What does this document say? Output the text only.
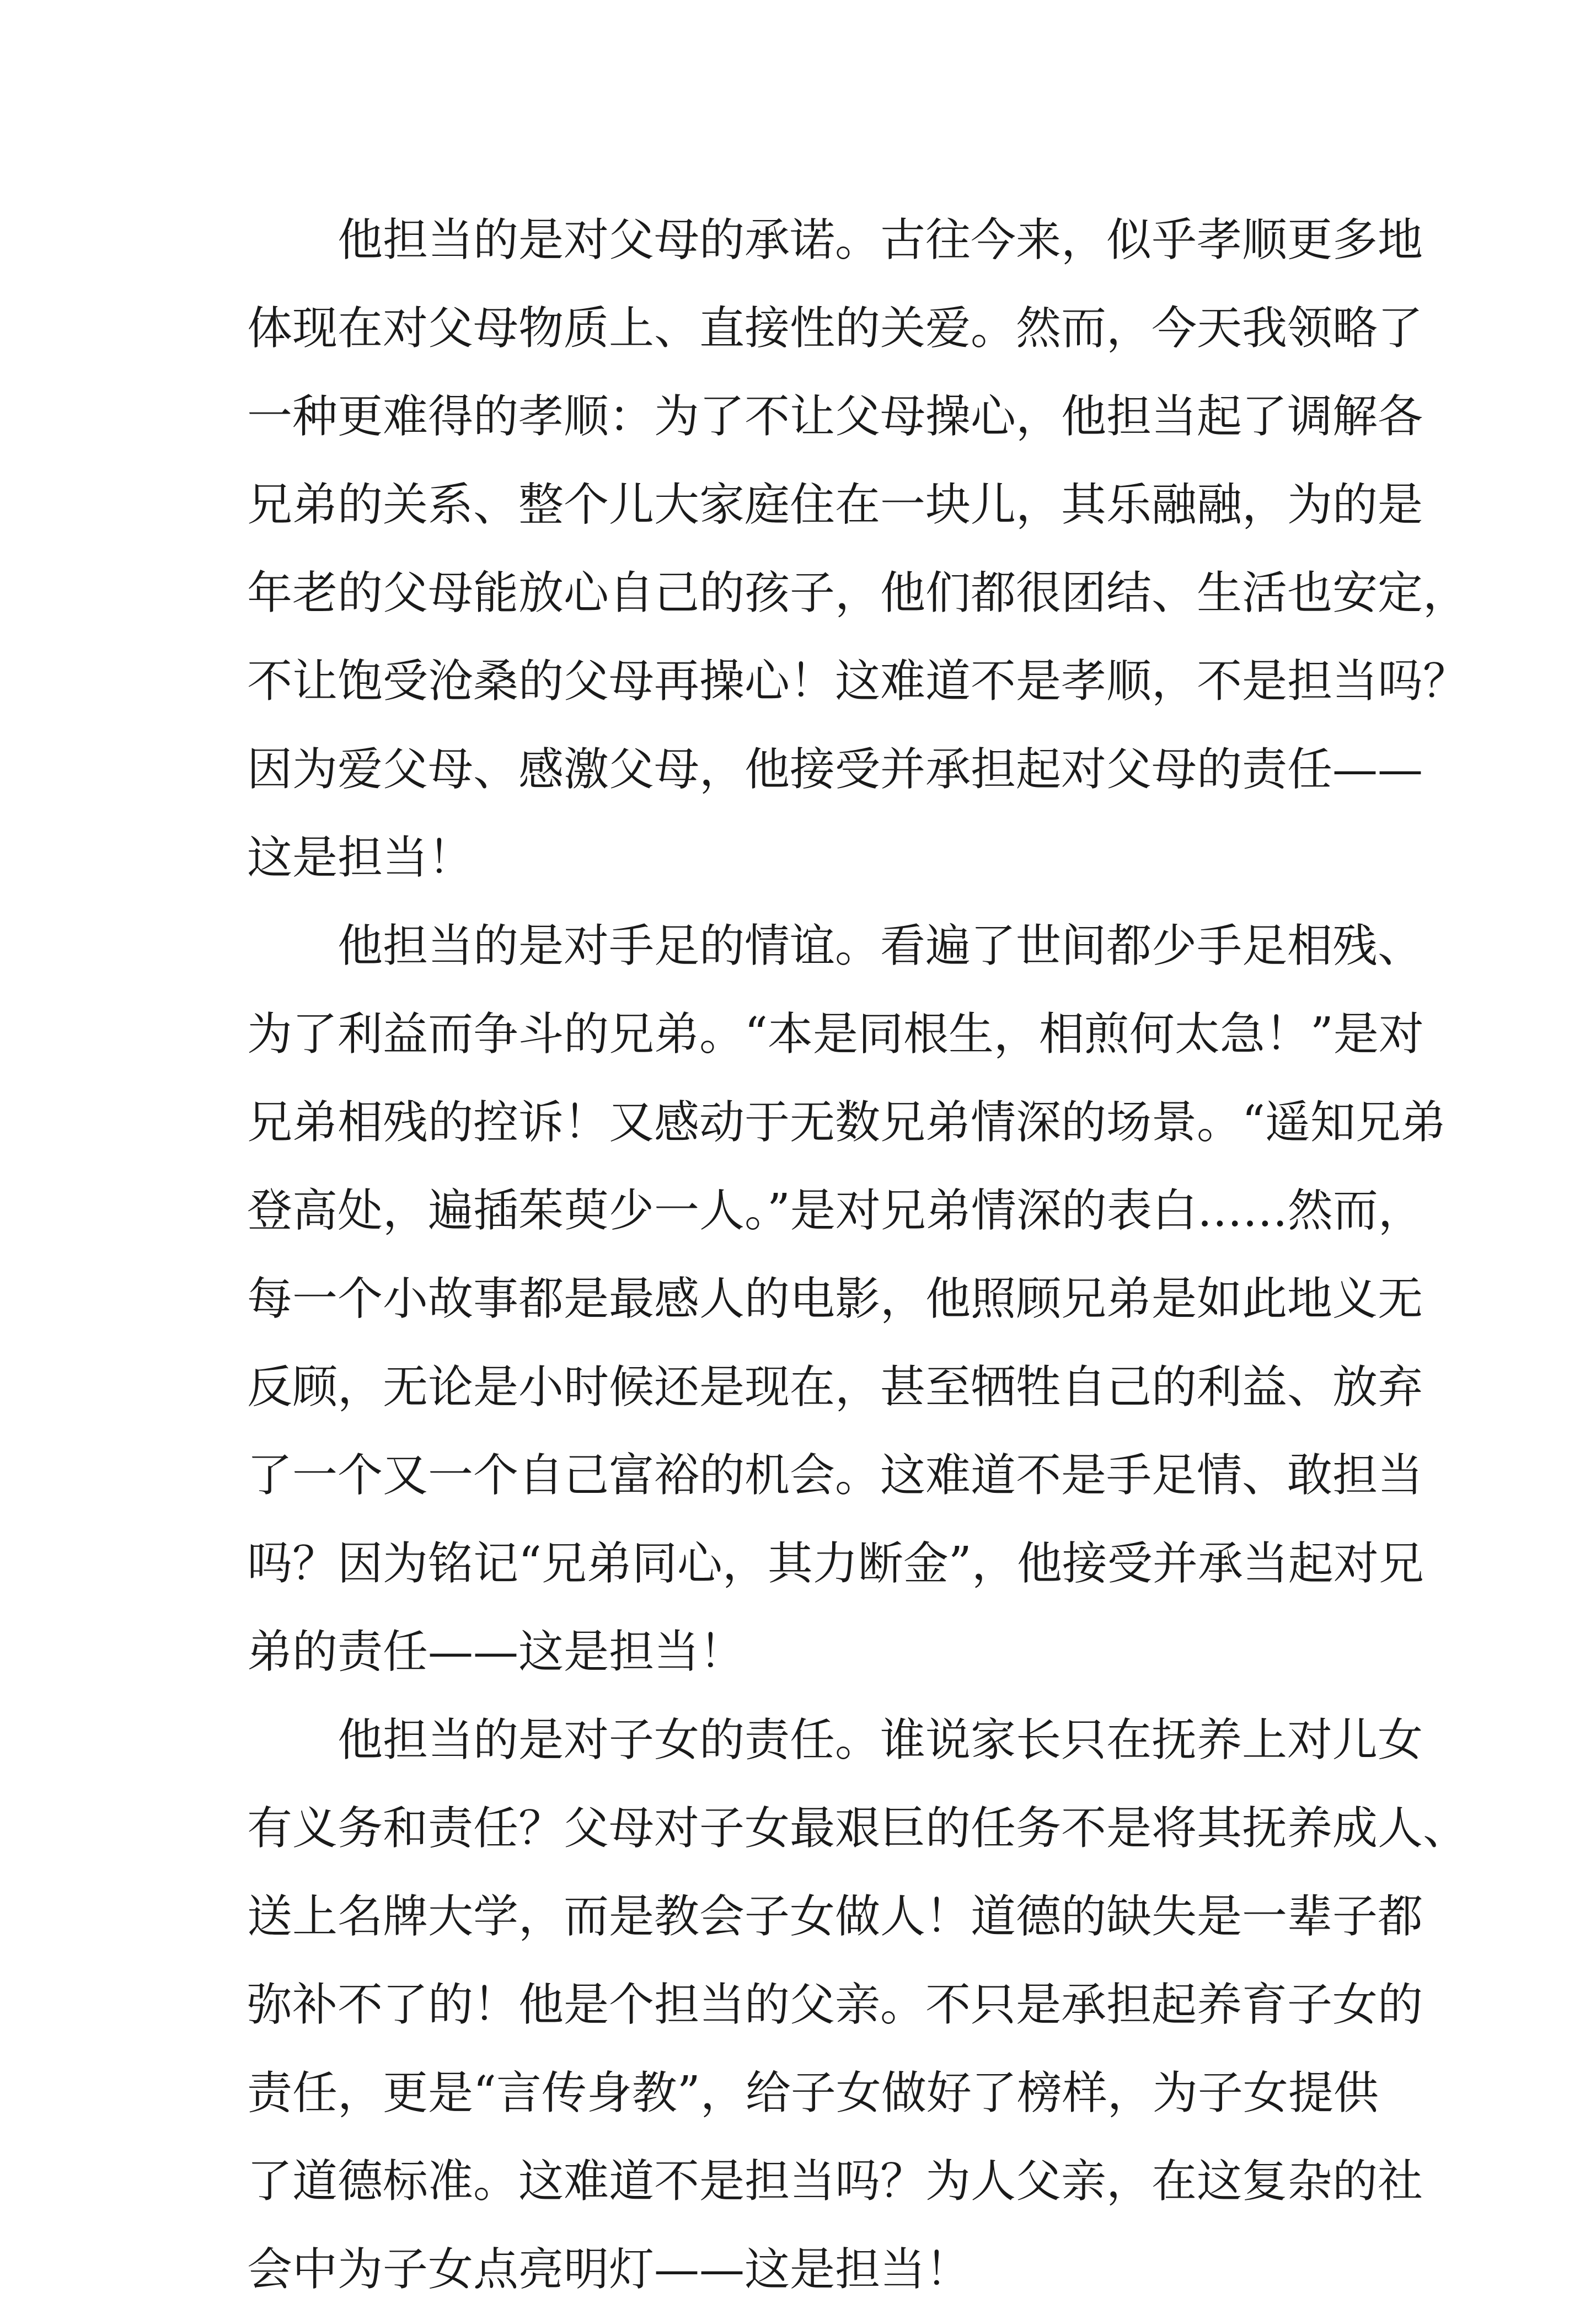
他担当的是对父母的承诺。古往今来，似乎孝顺更多地
体现在对父母物质上、直接性的关爱。然而，今天我领略了
一种更难得的孝顺：为了不让父母操心，他担当起了调解各
兄弟的关系、整个儿大家庭住在一块儿，其乐融融，为的是
年老的父母能放心自己的孩子，他们都很团结、生活也安定，
不让饱受沧桑的父母再操心！这难道不是孝顺，不是担当吗？
因为爱父母、感激父母，他接受并承担起对父母的责任——
这是担当！
他担当的是对手足的情谊。看遍了世间都少手足相残、
为了利益而争斗的兄弟。“本是同根生，相煎何太急！”是对
兄弟相残的控诉！又感动于无数兄弟情深的场景。“遥知兄弟
登高处，遍插茱萸少一人。”是对兄弟情深的表白……然而，
每一个小故事都是最感人的电影，他照顾兄弟是如此地义无
反顾，无论是小时候还是现在，甚至牺牲自己的利益、放弃
了一个又一个自己富裕的机会。这难道不是手足情、敢担当
吗？因为铭记“兄弟同心，其力断金”，他接受并承当起对兄
弟的责任——这是担当！
他担当的是对子女的责任。谁说家长只在抚养上对儿女
有义务和责任？父母对子女最艰巨的任务不是将其抚养成人、
送上名牌大学，而是教会子女做人！道德的缺失是一辈子都
弥补不了的！他是个担当的父亲。不只是承担起养育子女的
责任，更是“言传身教”，给子女做好了榜样，为子女提供
了道德标准。这难道不是担当吗？为人父亲，在这复杂的社
会中为子女点亮明灯——这是担当！
